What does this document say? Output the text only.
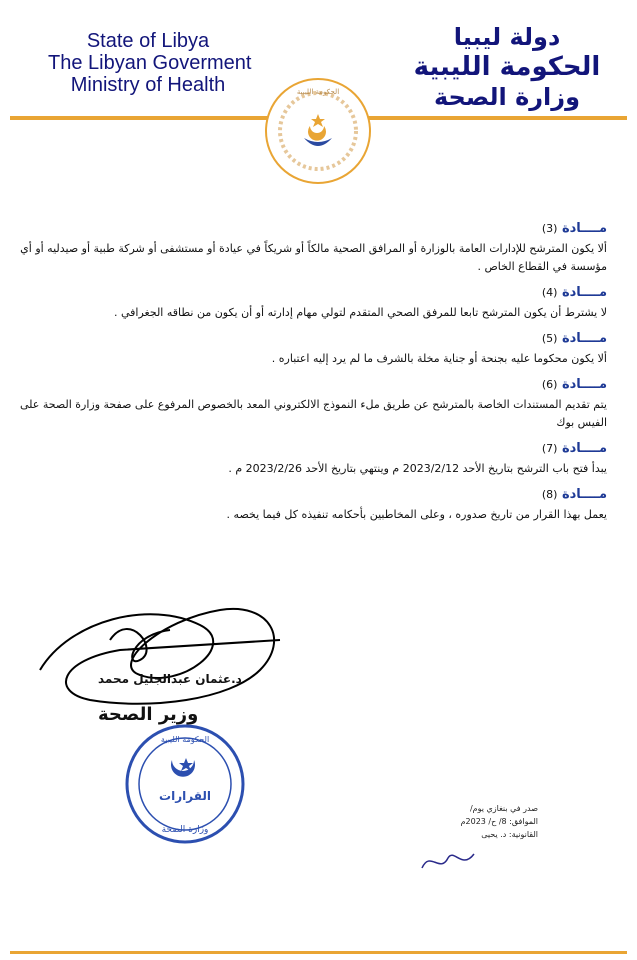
State of Libya
The Libyan Goverment
Ministry of Health
دولة ليبيا
الحكومة الليبية
وزارة الصحة
الحكومة الليبية
مــــادة (3)
ألا يكون المترشح للإدارات العامة بالوزارة أو المرافق الصحية مالكاً أو شريكاً في عيادة أو مستشفى أو شركة طبية أو صيدليه أو أي مؤسسة في القطاع الخاص .
مــــادة (4)
لا يشترط أن يكون المترشح تابعا للمرفق الصحي المتقدم لتولي مهام إدارته أو أن يكون من نطاقه الجغرافي .
مــــادة (5)
ألا يكون محكوما عليه بجنحة أو جناية مخلة بالشرف ما لم يرد إليه اعتباره .
مــــادة (6)
يتم تقديم المستندات الخاصة بالمترشح عن طريق ملء النموذج الالكتروني المعد بالخصوص المرفوع على صفحة وزارة الصحة على الفيس بوك
مــــادة (7)
يبدأ فتح باب الترشح بتاريخ الأحد 2023/2/12 م وينتهي بتاريخ الأحد 2023/2/26 م .
مــــادة (8)
يعمل بهذا القرار من تاريخ صدوره ، وعلى المخاطبين بأحكامه تنفيذه كل فيما يخصه .
د.عثمان عبدالجليل محمد
وزير الصحة
الحكومة الليبية
القرارات
وزارة الصحة
صدر في بنغازي يوم/
الموافق: 8/ ح/ 2023م
القانونية: د. يحيى
